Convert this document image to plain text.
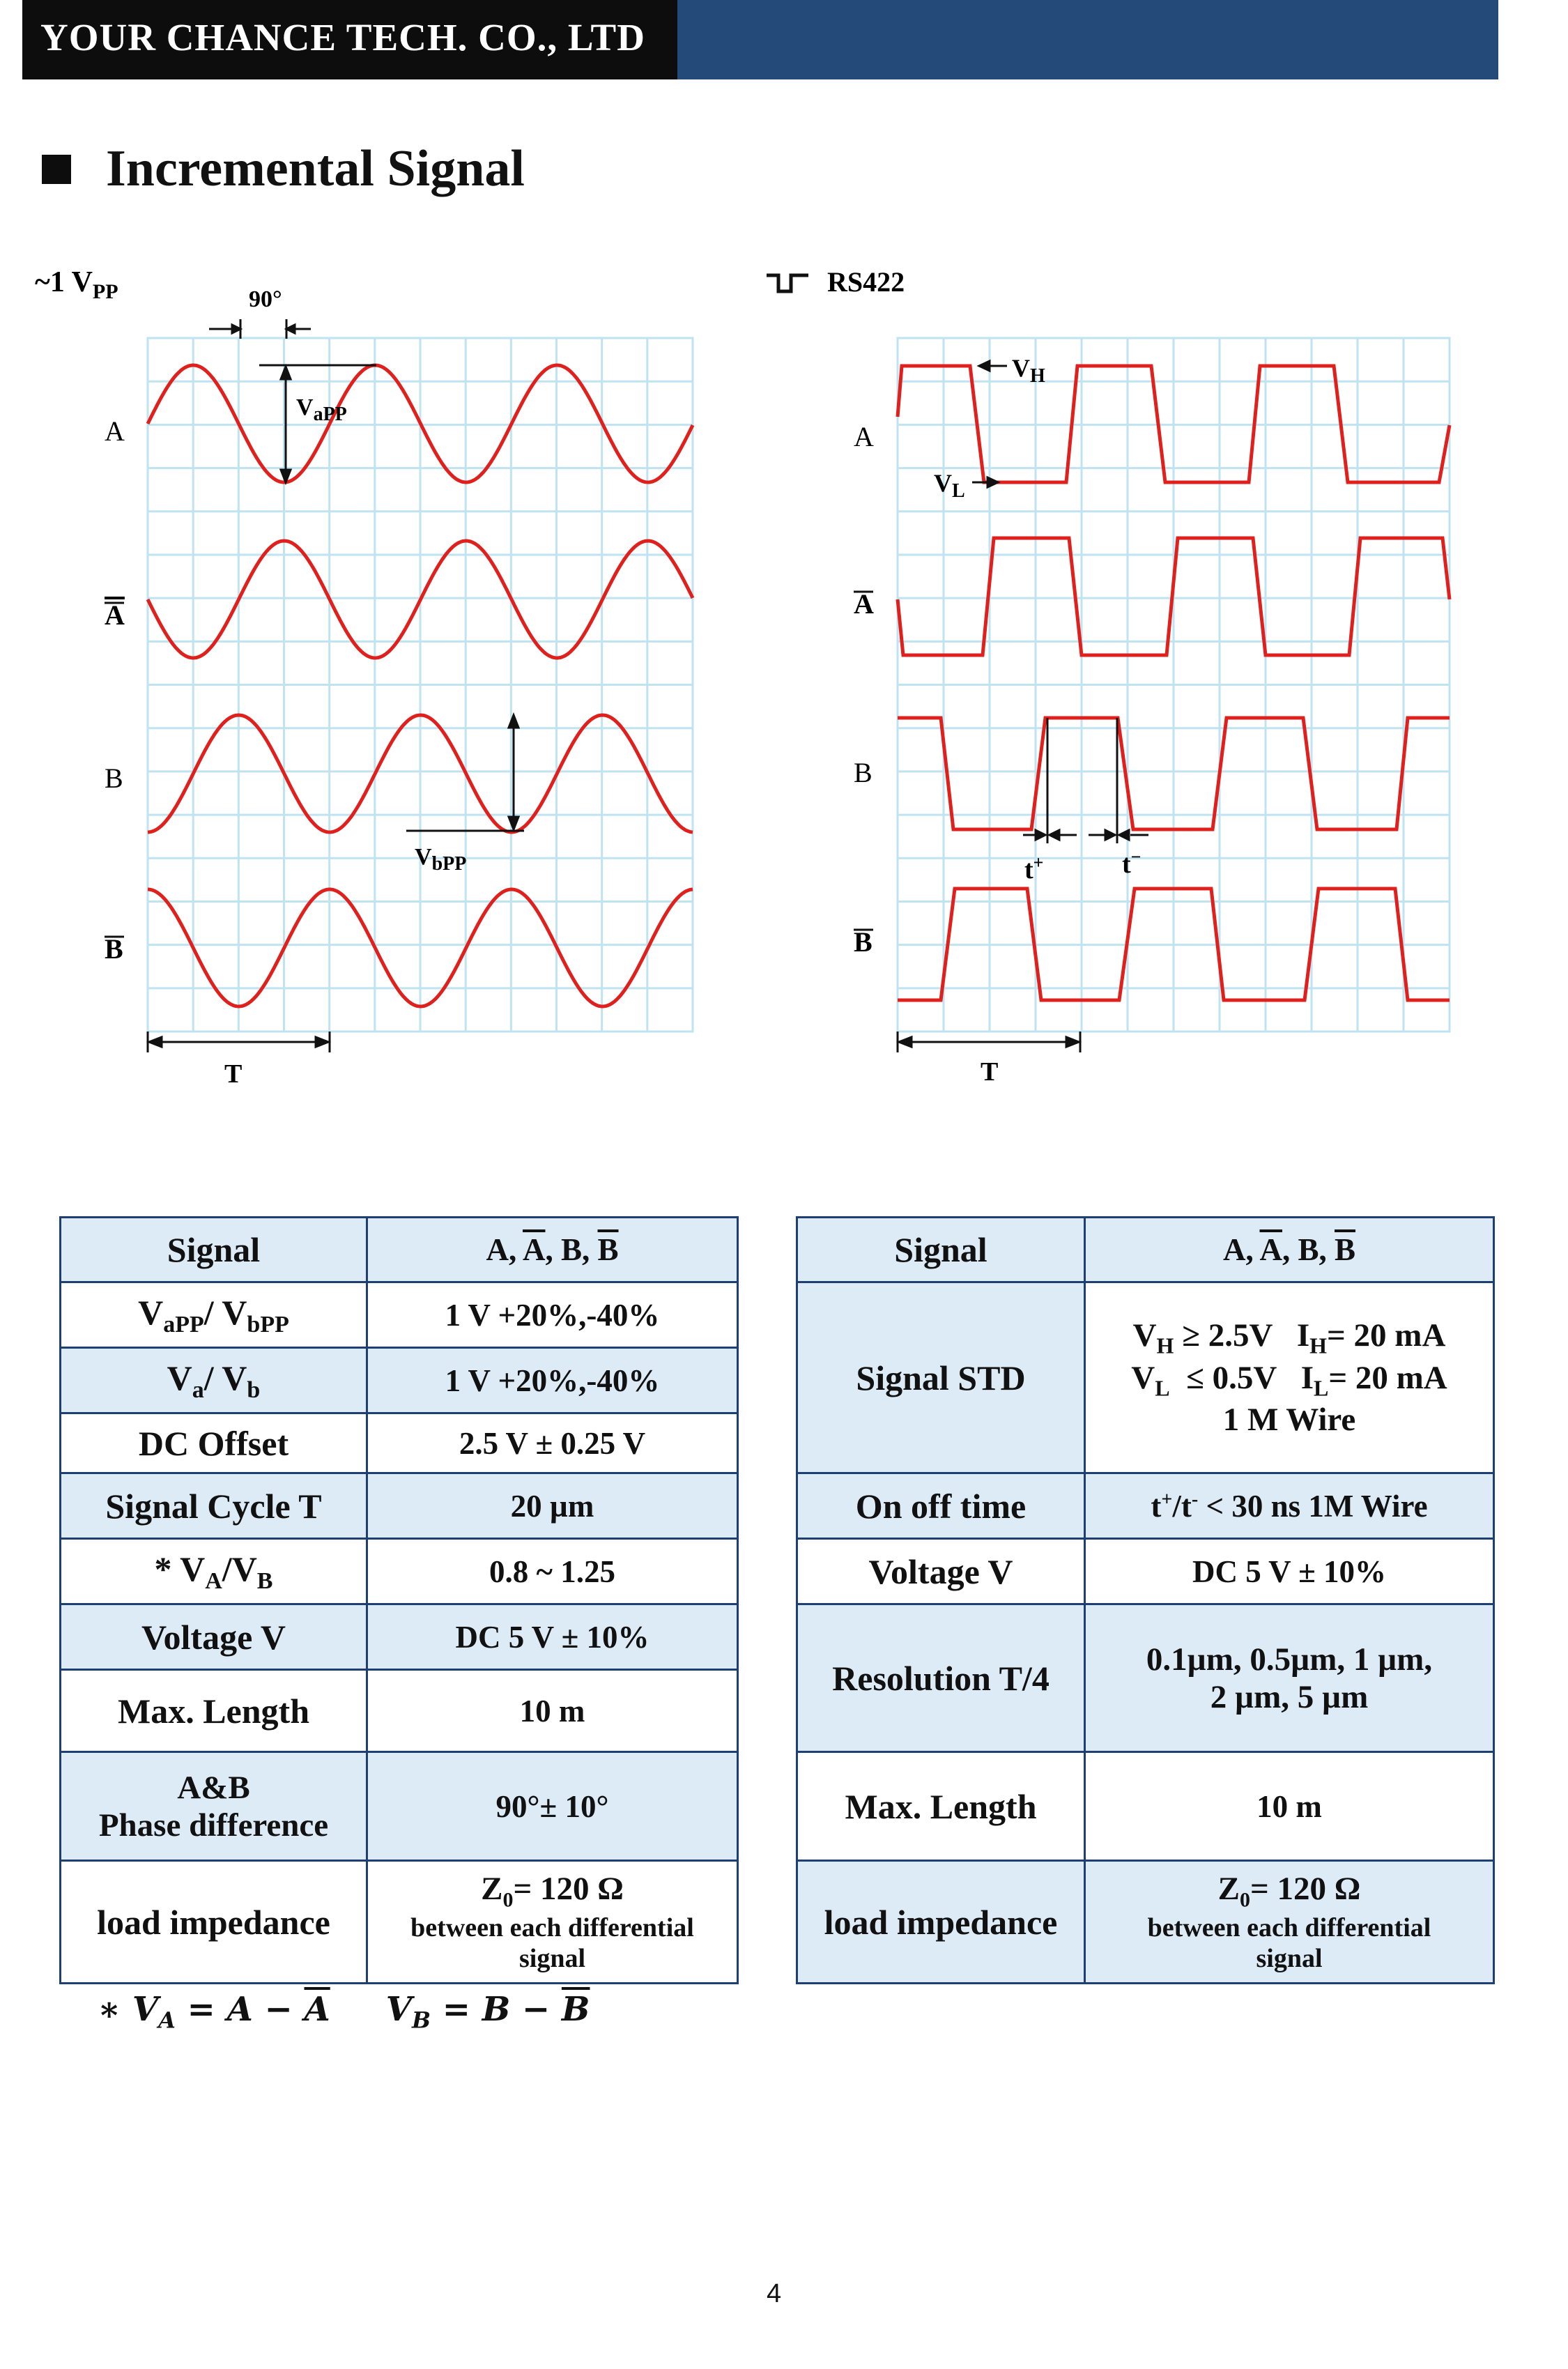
YOUR CHANCE TECH. CO., LTD
Incremental Signal
~1 $V_{PP}$	90°
A
A
B
B
$V_{aPP}$
$V_{bPP}$
T
RS422
A
A
B
B
$V_H$
$V_L$
t+	t−
T
Signal	A, $\overline{A}$, B, $\overline{B}$
$V_{aPP}/$ $V_{bPP}$	1 V +20%,-40%
$V_a/$ $V_b$	1 V +20%,-40%
DC Offset	2.5 V ± 0.25 V
Signal Cycle T	20 µm
* $V_A/V_B$	0.8 ~ 1.25
Voltage V	DC 5 V ± 10%
Max. Length	10 m

A&B
Phase difference	90°± 10°
load impedance	$Z_0= 120$ Ω
between each differential
signal
Signal	A, $\overline{A}$, B, $\overline{B}$
Signal STD	$V_H \ge 2.5V$   $I_H= 20$ mA
$V_L \le 0.5V$   $I_L= 20$ mA
1 M Wire

On off time	t+/t- < 30 ns 1M Wire
Voltage V	DC 5 V ± 10%
Resolution T/4	0.1µm, 0.5µm, 1 µm,
2 µm, 5 µm

Max. Length	10 m
load impedance	$Z_0= 120$ Ω
between each differential
signal
∗ $V_A = A - \overline{A}$ $V_B = B - \overline{B}$
4
